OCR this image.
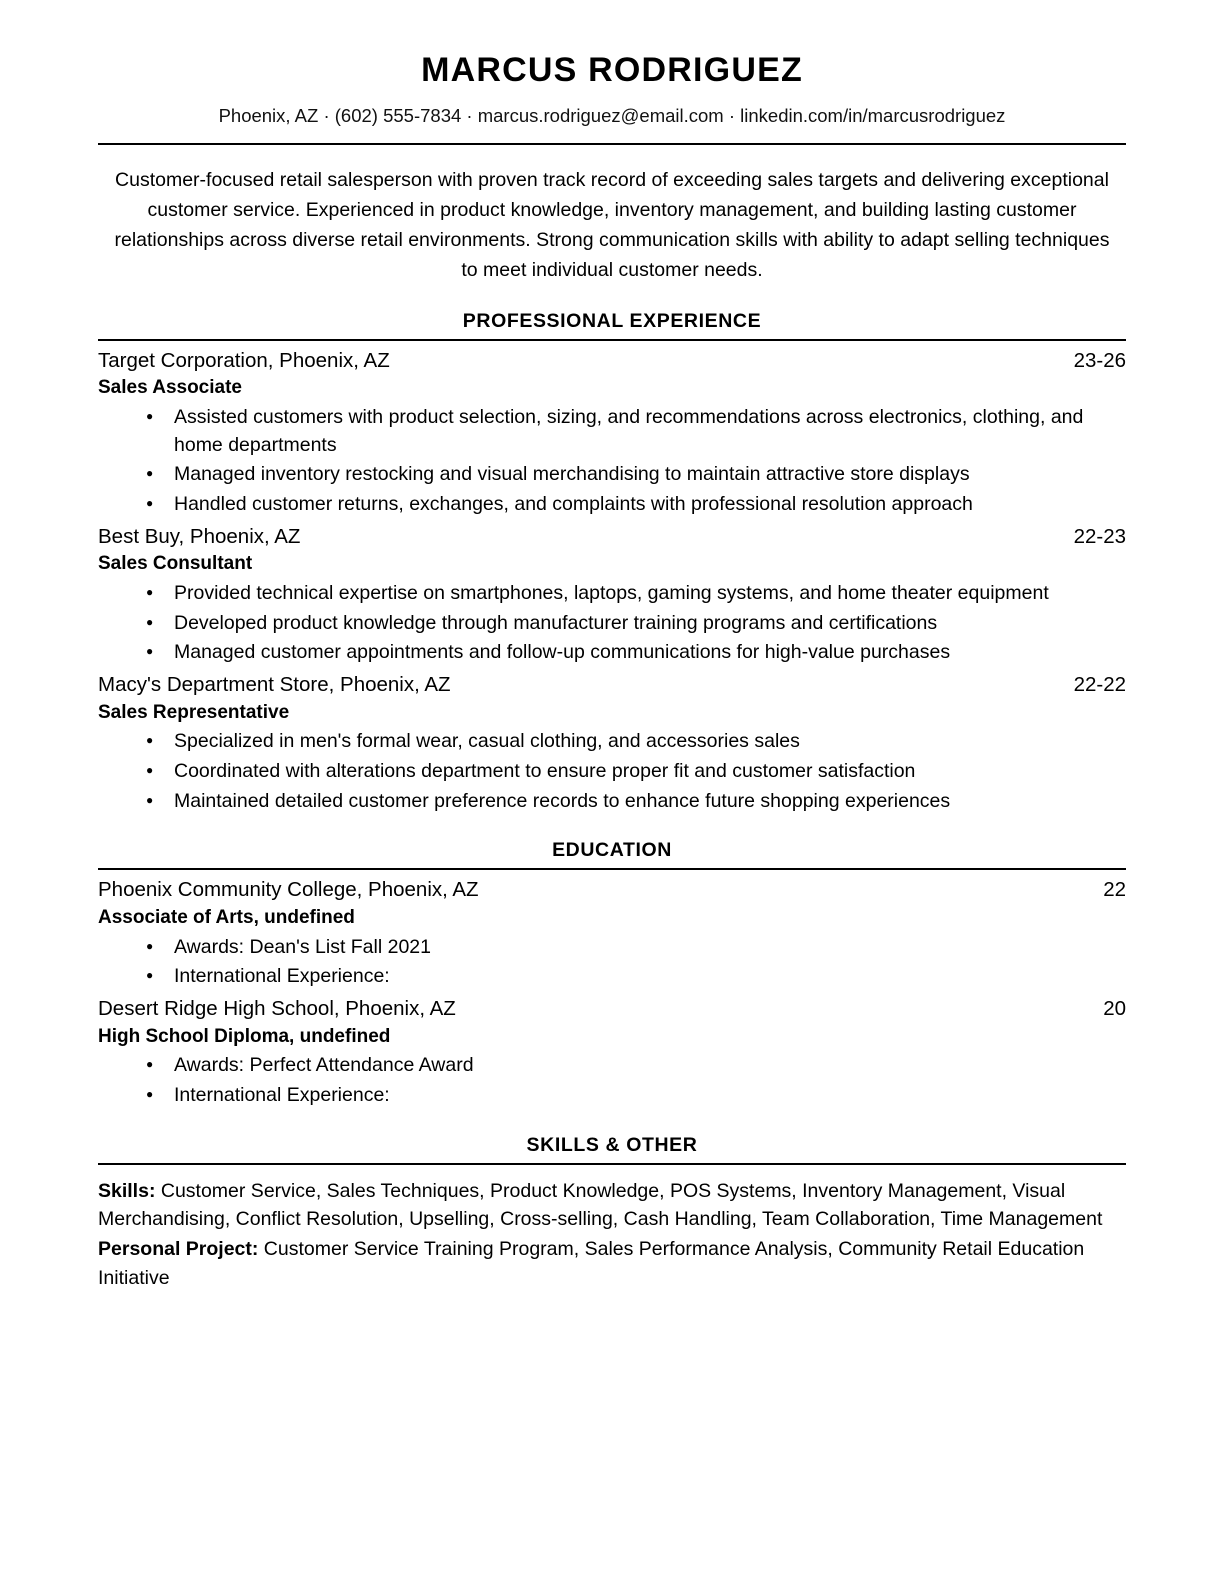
MARCUS RODRIGUEZ
Phoenix, AZ · (602) 555-7834 · marcus.rodriguez@email.com · linkedin.com/in/marcusrodriguez
Customer-focused retail salesperson with proven track record of exceeding sales targets and delivering exceptional customer service. Experienced in product knowledge, inventory management, and building lasting customer relationships across diverse retail environments. Strong communication skills with ability to adapt selling techniques to meet individual customer needs.
PROFESSIONAL EXPERIENCE
Target Corporation, Phoenix, AZ	23-26
Sales Associate
● Assisted customers with product selection, sizing, and recommendations across electronics, clothing, and home departments
● Managed inventory restocking and visual merchandising to maintain attractive store displays
● Handled customer returns, exchanges, and complaints with professional resolution approach
Best Buy, Phoenix, AZ	22-23
Sales Consultant
● Provided technical expertise on smartphones, laptops, gaming systems, and home theater equipment
● Developed product knowledge through manufacturer training programs and certifications
● Managed customer appointments and follow-up communications for high-value purchases
Macy's Department Store, Phoenix, AZ	22-22
Sales Representative
● Specialized in men's formal wear, casual clothing, and accessories sales
● Coordinated with alterations department to ensure proper fit and customer satisfaction
● Maintained detailed customer preference records to enhance future shopping experiences
EDUCATION
Phoenix Community College, Phoenix, AZ	22
Associate of Arts, undefined
● Awards: Dean's List Fall 2021
● International Experience:
Desert Ridge High School, Phoenix, AZ	20
High School Diploma, undefined
● Awards: Perfect Attendance Award
● International Experience:
SKILLS & OTHER
Skills: Customer Service, Sales Techniques, Product Knowledge, POS Systems, Inventory Management, Visual Merchandising, Conflict Resolution, Upselling, Cross-selling, Cash Handling, Team Collaboration, Time Management
Personal Project: Customer Service Training Program, Sales Performance Analysis, Community Retail Education Initiative
